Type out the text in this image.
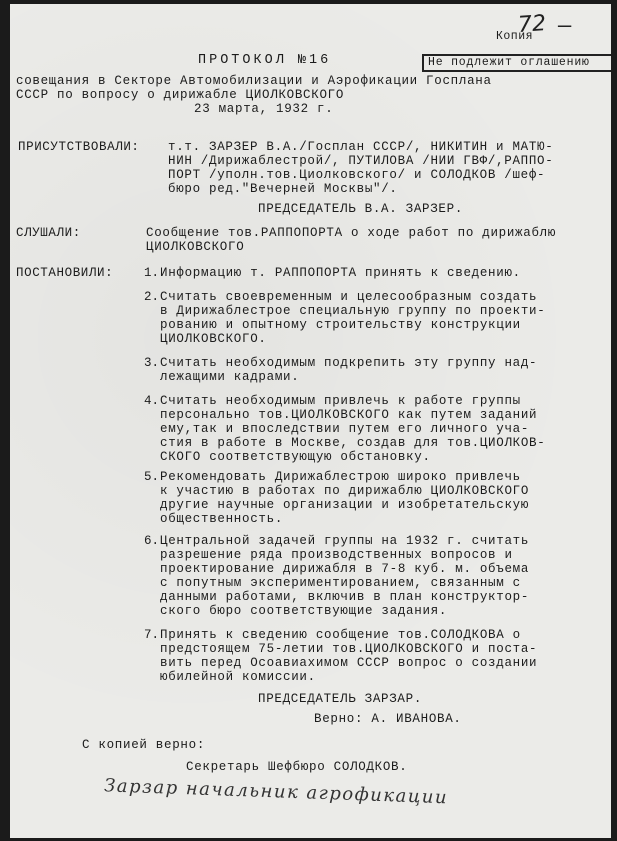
72 —
Копия
ПРОТОКОЛ №16	Не подлежит оглашению
совещания в Секторе Автомобилизации и Аэрофикации Госплана
СССР по вопросу о дирижабле ЦИОЛКОВСКОГО
23 марта, 1932 г.
ПРИСУТСТВОВАЛИ: т.т. ЗАРЗЕР В.А./Госплан СССР/, НИКИТИН и МАТЮ-
НИН /Дирижаблестрой/, ПУТИЛОВА /НИИ ГВФ/,РАППО-
ПОРТ /уполн.тов.Циолковского/ и СОЛОДКОВ /шеф-
бюро ред."Вечерней Москвы"/.
ПРЕДСЕДАТЕЛЬ В.А. ЗАРЗЕР.
СЛУШАЛИ:	Сообщение тов.РАППОПОРТА о ходе работ по дирижаблю
ЦИОЛКОВСКОГО
ПОСТАНОВИЛИ: 1. Информацию т. РАППОПОРТА принять к сведению.
2. Считать своевременным и целесообразным создать
в Дирижаблестрое специальную группу по проекти-
рованию и опытному строительству конструкции
ЦИОЛКОВСКОГО.
3. Считать необходимым подкрепить эту группу над-
лежащими кадрами.
4. Считать необходимым привлечь к работе группы
персонально тов.ЦИОЛКОВСКОГО как путем заданий
ему,так и впоследствии путем его личного уча-
стия в работе в Москве, создав для тов.ЦИОЛКОВ-
СКОГО соответствующую обстановку.
5. Рекомендовать Дирижаблестрою широко привлечь
к участию в работах по дирижаблю ЦИОЛКОВСКОГО
другие научные организации и изобретательскую
общественность.
6. Центральной задачей группы на 1932 г. считать
разрешение ряда производственных вопросов и
проектирование дирижабля в 7-8 куб. м. объема
с попутным экспериментированием, связанным с
данными работами, включив в план конструктор-
ского бюро соответствующие задания.
7. Принять к сведению сообщение тов.СОЛОДКОВА о
предстоящем 75-летии тов.ЦИОЛКОВСКОГО и поста-
вить перед Осоавиахимом СССР вопрос о создании
юбилейной комиссии.
ПРЕДСЕДАТЕЛЬ ЗАРЗАР.
Верно: А. ИВАНОВА.
С копией верно:
Секретарь Шефбюро СОЛОДКОВ.
Зарзар начальник агрофикации
